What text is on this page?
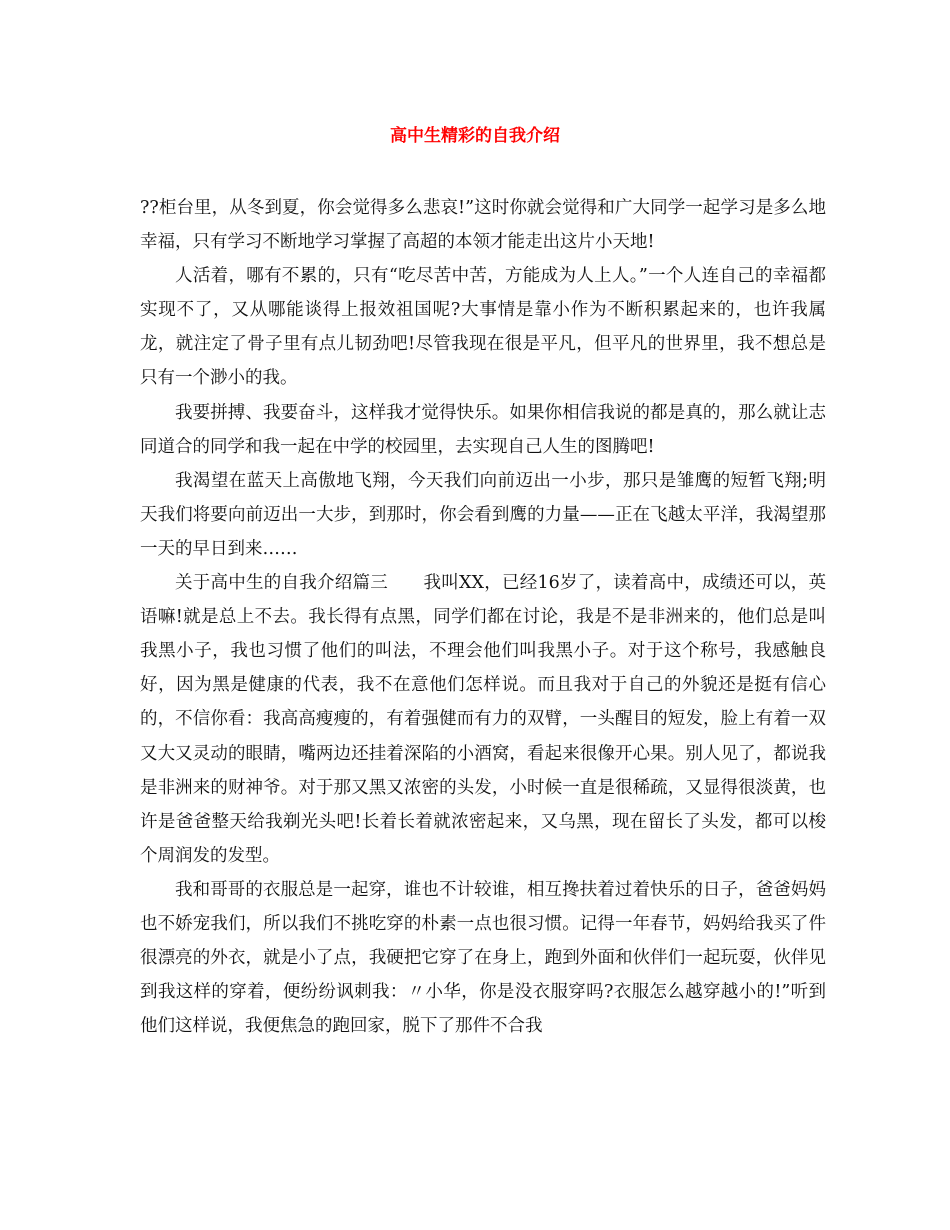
高中生精彩的自我介绍

??柜台里，从冬到夏，你会觉得多么悲哀!”这时你就会觉得和广大同学一起学习是多么地幸福，只有学习不断地学习掌握了高超的本领才能走出这片小天地!

人活着，哪有不累的，只有“吃尽苦中苦，方能成为人上人。”一个人连自己的幸福都实现不了，又从哪能谈得上报效祖国呢?大事情是靠小作为不断积累起来的，也许我属龙，就注定了骨子里有点儿韧劲吧!尽管我现在很是平凡，但平凡的世界里，我不想总是只有一个渺小的我。

我要拼搏、我要奋斗，这样我才觉得快乐。如果你相信我说的都是真的，那么就让志同道合的同学和我一起在中学的校园里，去实现自己人生的图腾吧!

我渴望在蓝天上高傲地飞翔，今天我们向前迈出一小步，那只是雏鹰的短暂飞翔;明天我们将要向前迈出一大步，到那时，你会看到鹰的力量——正在飞越太平洋，我渴望那一天的早日到来……

关于高中生的自我介绍篇三　　我叫XX，已经16岁了，读着高中，成绩还可以，英语嘛!就是总上不去。我长得有点黑，同学们都在讨论，我是不是非洲来的，他们总是叫我黑小子，我也习惯了他们的叫法，不理会他们叫我黑小子。对于这个称号，我感触良好，因为黑是健康的代表，我不在意他们怎样说。而且我对于自己的外貌还是挺有信心的，不信你看：我高高瘦瘦的，有着强健而有力的双臂，一头醒目的短发，脸上有着一双又大又灵动的眼睛，嘴两边还挂着深陷的小酒窝，看起来很像开心果。别人见了，都说我是非洲来的财神爷。对于那又黑又浓密的头发，小时候一直是很稀疏，又显得很淡黄，也许是爸爸整天给我剃光头吧!长着长着就浓密起来，又乌黑，现在留长了头发，都可以梭个周润发的发型。

我和哥哥的衣服总是一起穿，谁也不计较谁，相互搀扶着过着快乐的日子，爸爸妈妈也不娇宠我们，所以我们不挑吃穿的朴素一点也很习惯。记得一年春节，妈妈给我买了件很漂亮的外衣，就是小了点，我硬把它穿了在身上，跑到外面和伙伴们一起玩耍，伙伴见到我这样的穿着，便纷纷讽刺我：〃小华，你是没衣服穿吗?衣服怎么越穿越小的!”听到他们这样说，我便焦急的跑回家，脱下了那件不合我
